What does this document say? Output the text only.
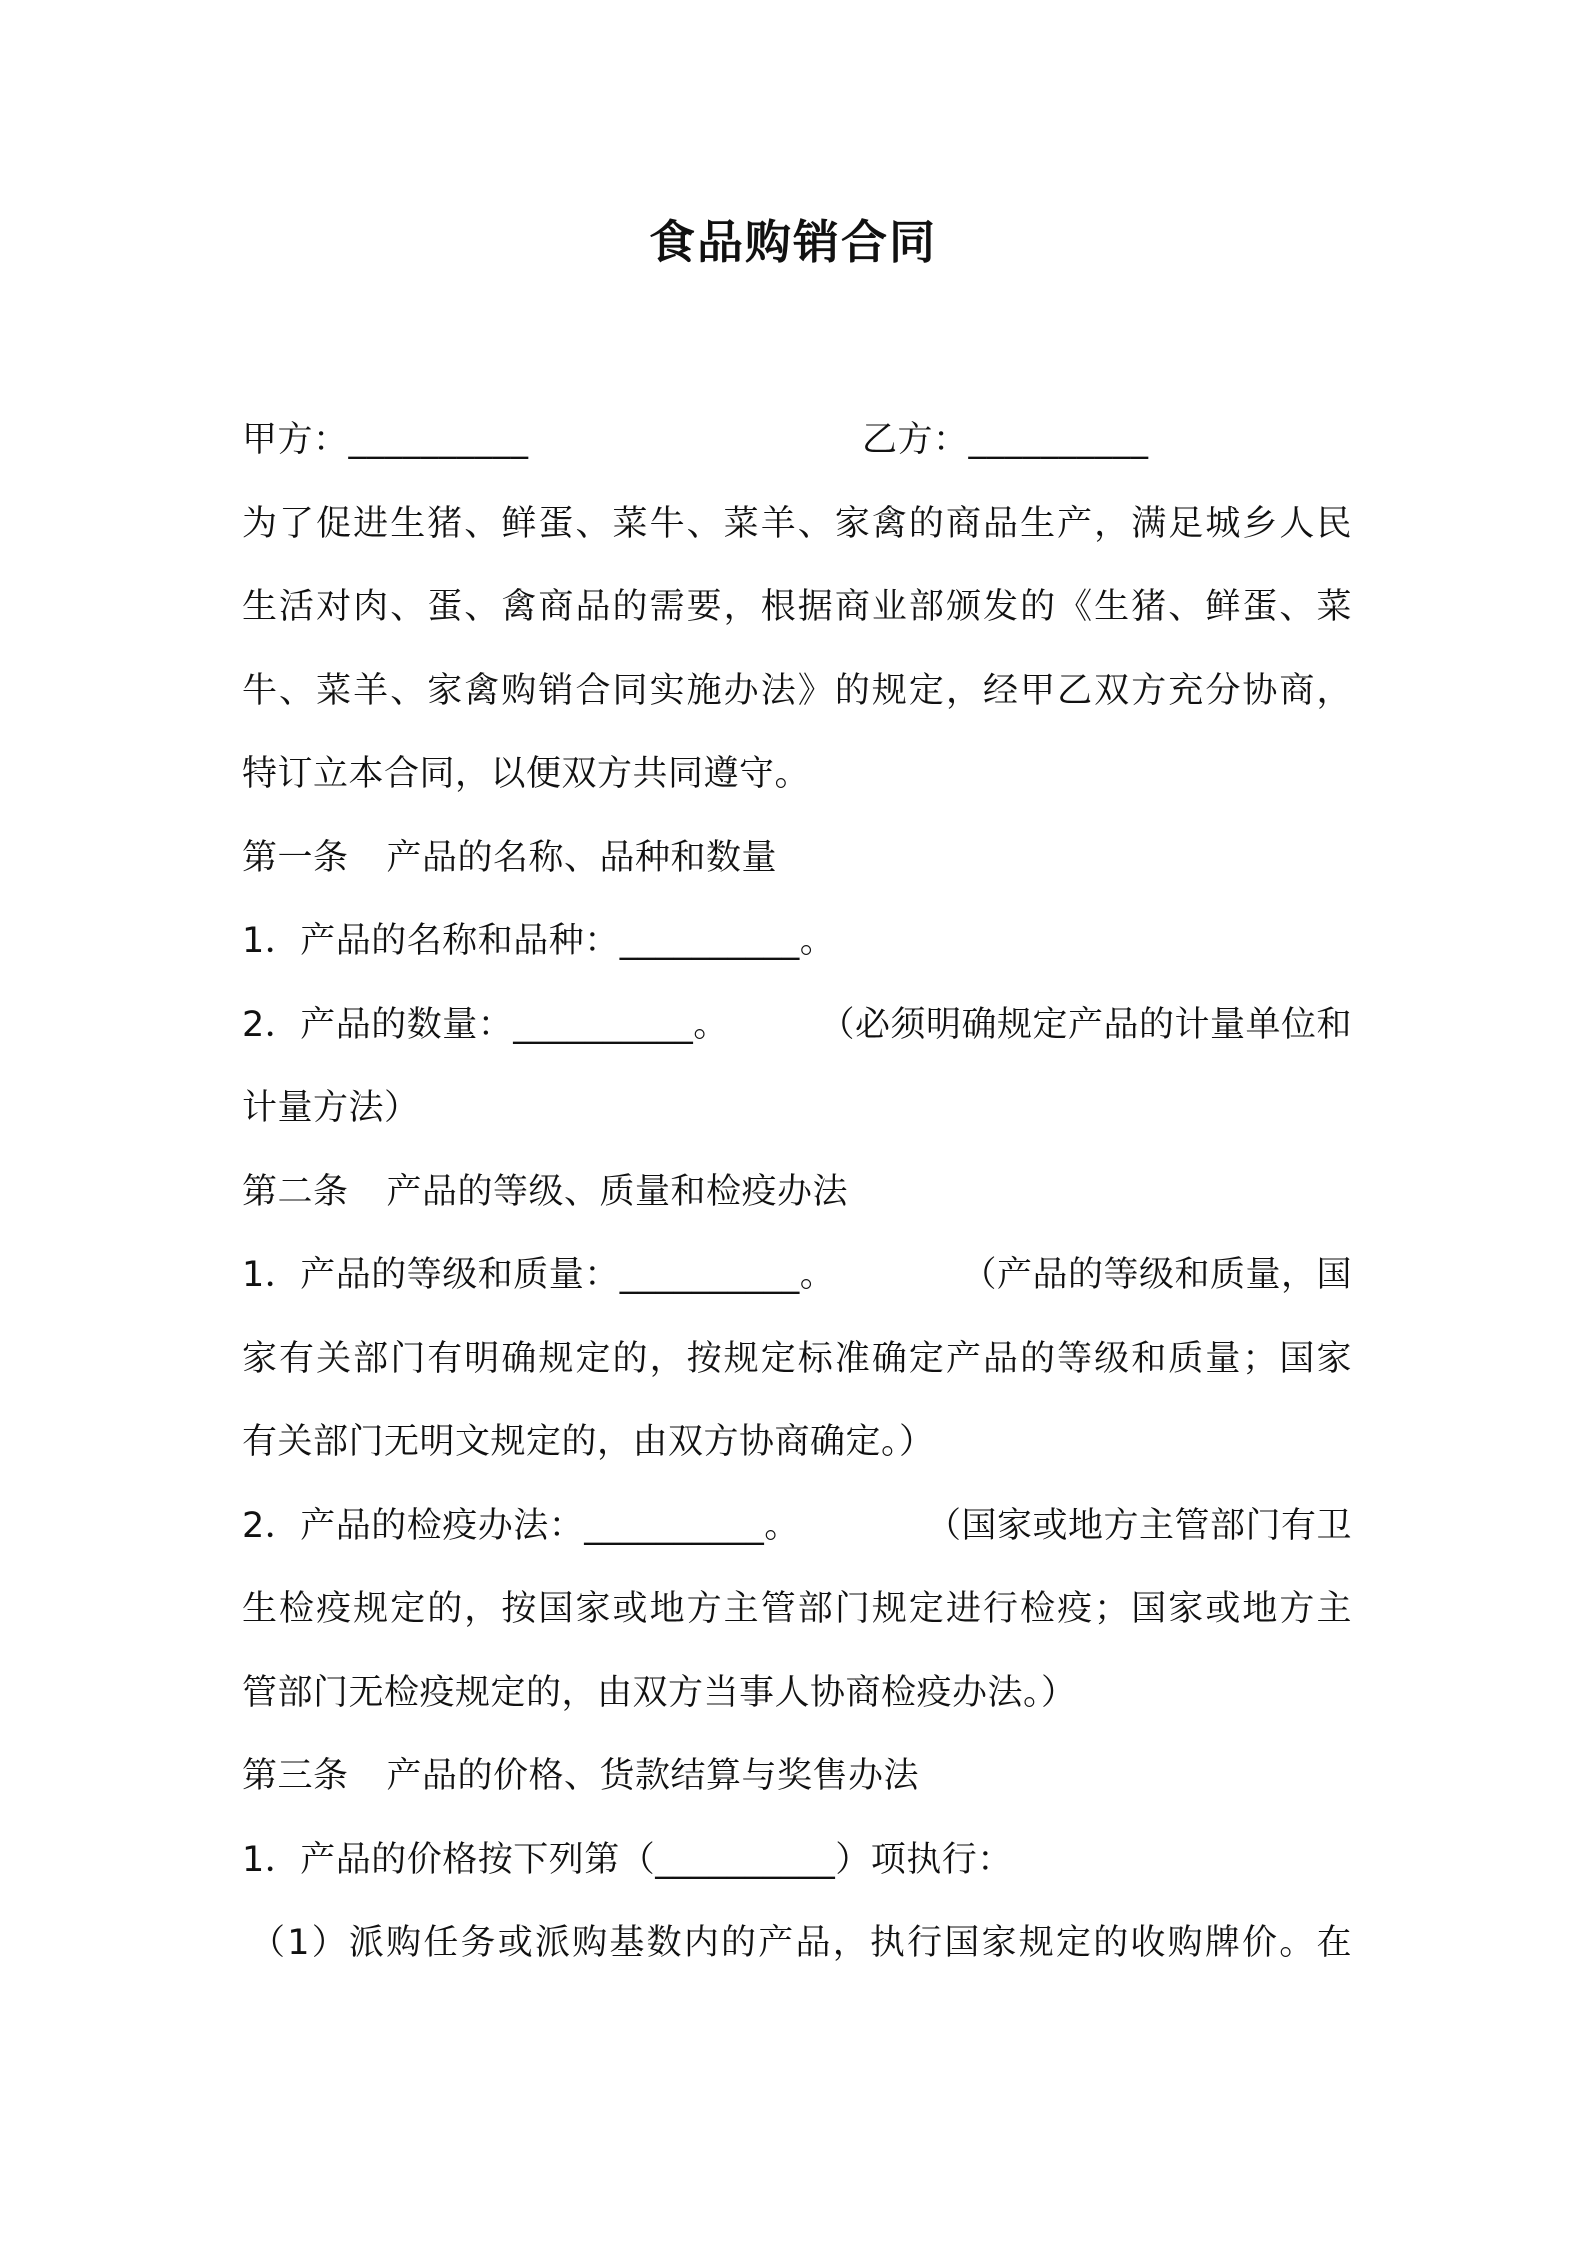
食品购销合同
甲方：__________	乙方：__________
为了促进生猪、鲜蛋、菜牛、菜羊、家禽的商品生产，满足城乡人民
生活对肉、蛋、禽商品的需要，根据商业部颁发的《生猪、鲜蛋、菜
牛、菜羊、家禽购销合同实施办法》的规定，经甲乙双方充分协商，
特订立本合同，以便双方共同遵守。
第一条 产品的名称、品种和数量
1．产品的名称和品种：__________。
2．产品的数量：__________。	（必须明确规定产品的计量单位和
计量方法）
第二条 产品的等级、质量和检疫办法
1．产品的等级和质量：__________。	（产品的等级和质量，国
家有关部门有明确规定的，按规定标准确定产品的等级和质量；国家
有关部门无明文规定的，由双方协商确定。）
2．产品的检疫办法：__________。	（国家或地方主管部门有卫
生检疫规定的，按国家或地方主管部门规定进行检疫；国家或地方主
管部门无检疫规定的，由双方当事人协商检疫办法。）
第三条 产品的价格、货款结算与奖售办法
1．产品的价格按下列第（__________）项执行：
（1）派购任务或派购基数内的产品，执行国家规定的收购牌价。在
